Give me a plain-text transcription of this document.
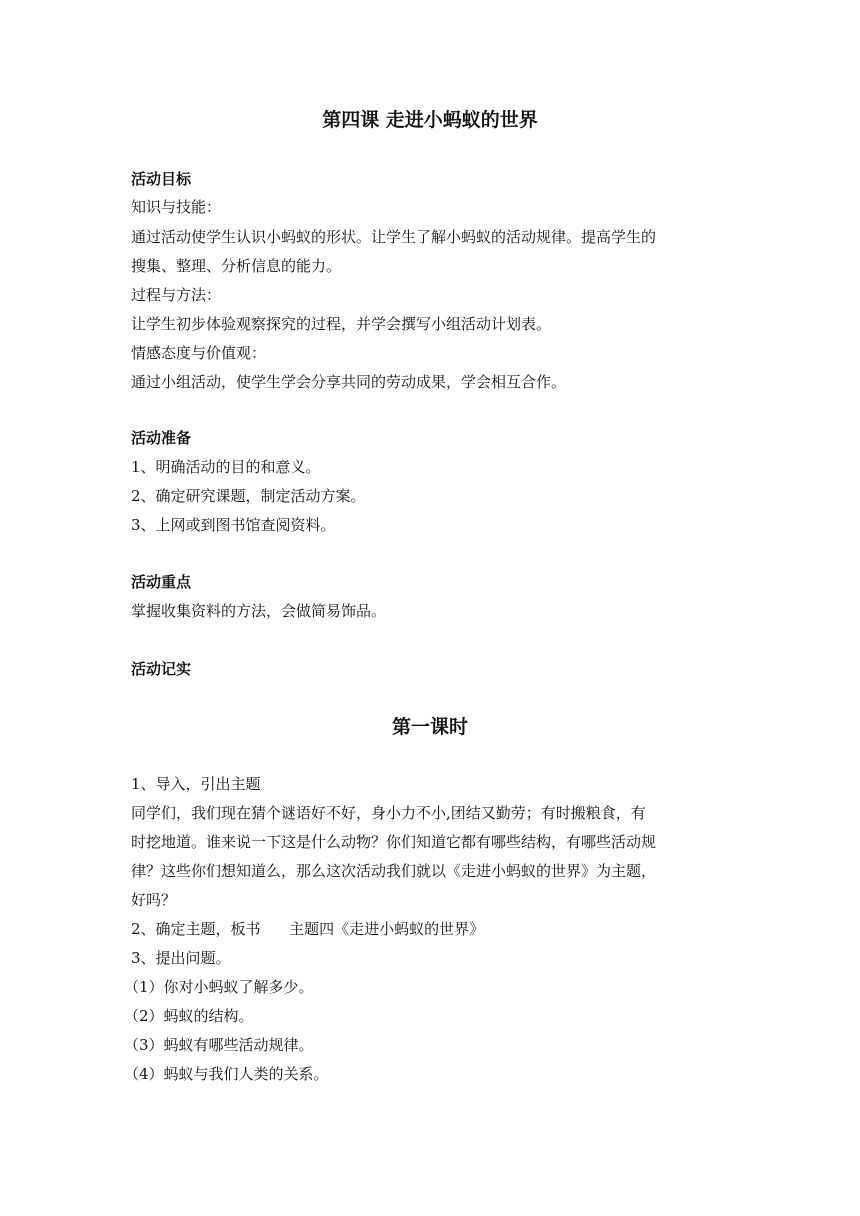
第四课 走进小蚂蚁的世界
活动目标
知识与技能：
通过活动使学生认识小蚂蚁的形状。让学生了解小蚂蚁的活动规律。提高学生的
搜集、整理、分析信息的能力。
过程与方法：
让学生初步体验观察探究的过程，并学会撰写小组活动计划表。
情感态度与价值观：
通过小组活动，使学生学会分享共同的劳动成果，学会相互合作。
活动准备
1、明确活动的目的和意义。
2、确定研究课题，制定活动方案。
3、上网或到图书馆查阅资料。
活动重点
掌握收集资料的方法，会做简易饰品。
活动记实
第一课时
1、导入，引出主题
同学们，我们现在猜个谜语好不好，身小力不小,团结又勤劳；有时搬粮食，有
时挖地道。谁来说一下这是什么动物？你们知道它都有哪些结构，有哪些活动规
律？这些你们想知道么，那么这次活动我们就以《走进小蚂蚁的世界》为主题，
好吗？
2、确定主题，板书      主题四《走进小蚂蚁的世界》
3、提出问题。
（1）你对小蚂蚁了解多少。
（2）蚂蚁的结构。
（3）蚂蚁有哪些活动规律。
（4）蚂蚁与我们人类的关系。
